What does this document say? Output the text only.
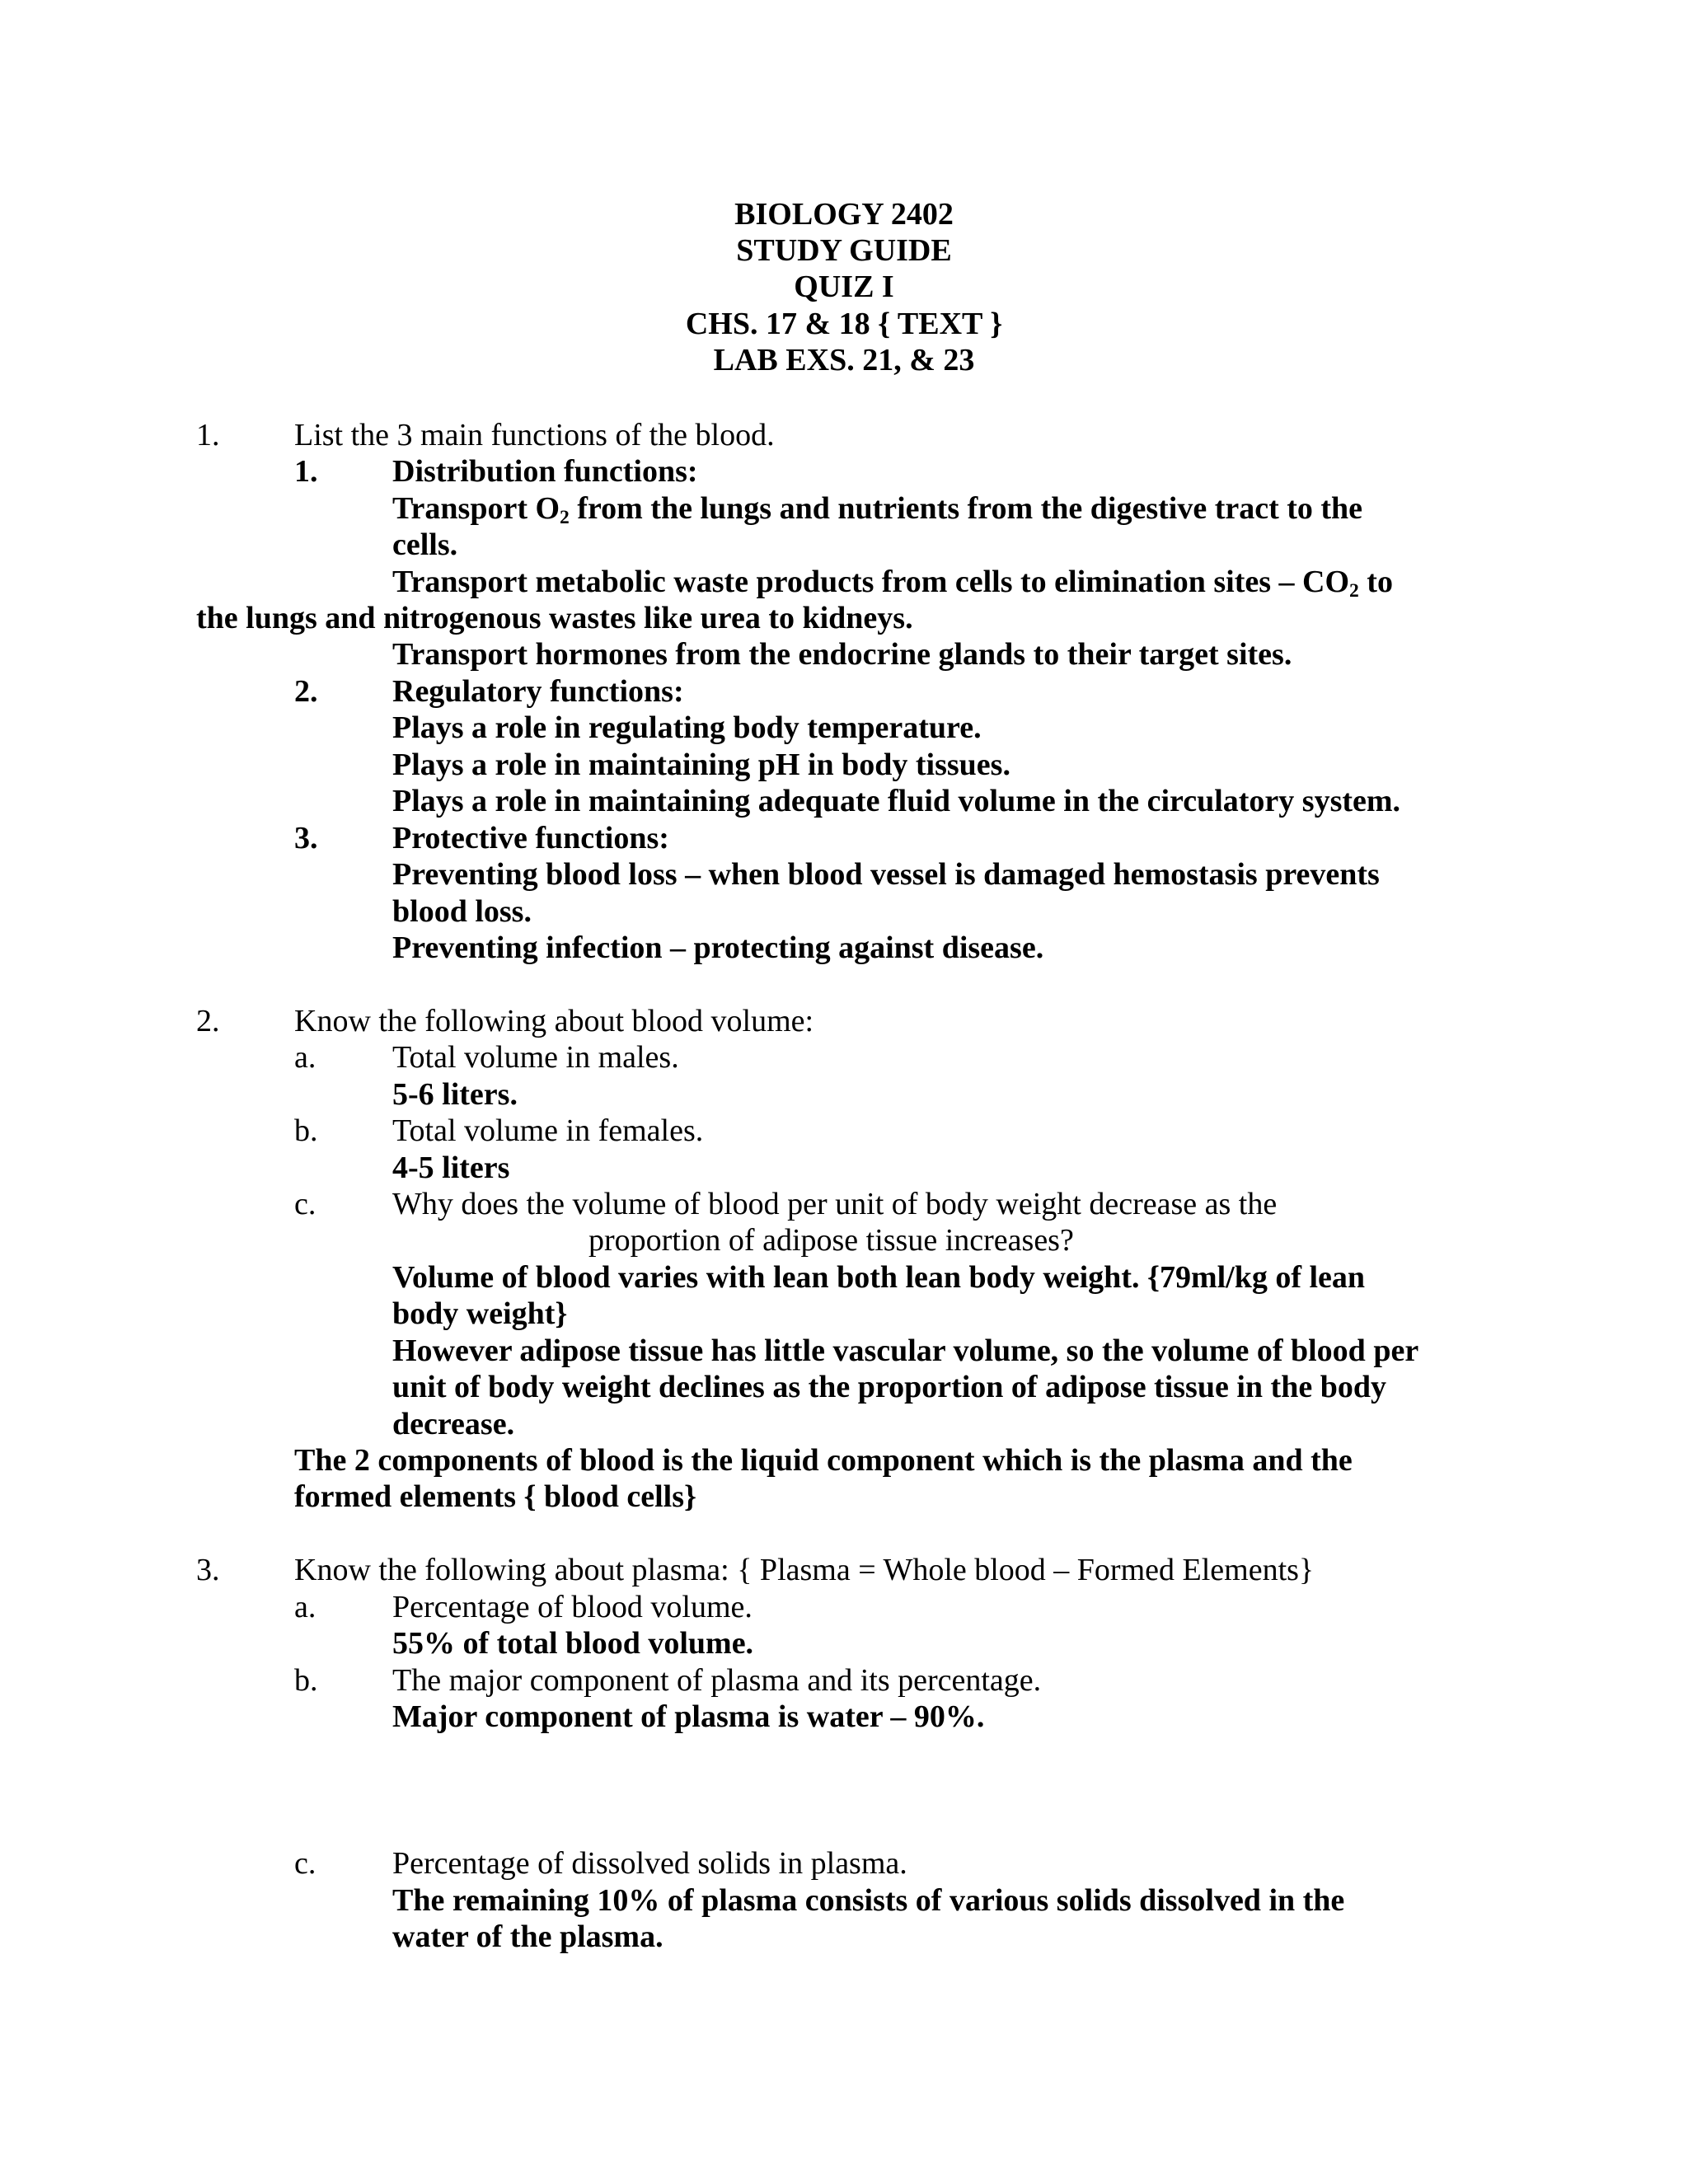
BIOLOGY 2402
STUDY GUIDE
QUIZ I
CHS. 17 & 18 { TEXT }
LAB EXS. 21, & 23
1. List the 3 main functions of the blood.
1. Distribution functions:
Transport $O_2$ from the lungs and nutrients from the digestive tract to the
cells.
Transport metabolic waste products from cells to elimination sites – $CO_2$ to
the lungs and nitrogenous wastes like urea to kidneys.
Transport hormones from the endocrine glands to their target sites.
2. Regulatory functions:
Plays a role in regulating body temperature.
Plays a role in maintaining pH in body tissues.
Plays a role in maintaining adequate fluid volume in the circulatory system.
3. Protective functions:
Preventing blood loss – when blood vessel is damaged hemostasis prevents
blood loss.
Preventing infection – protecting against disease.
2. Know the following about blood volume:
a. Total volume in males.
5-6 liters.
b. Total volume in females.
4-5 liters
c. Why does the volume of blood per unit of body weight decrease as the
proportion of adipose tissue increases?
Volume of blood varies with lean both lean body weight. {79ml/kg of lean
body weight}
However adipose tissue has little vascular volume, so the volume of blood per
unit of body weight declines as the proportion of adipose tissue in the body
decrease.
The 2 components of blood is the liquid component which is the plasma and the
formed elements { blood cells}
3. Know the following about plasma: { Plasma = Whole blood – Formed Elements}
a. Percentage of blood volume.
55% of total blood volume.
b. The major component of plasma and its percentage.
Major component of plasma is water – 90%.
c. Percentage of dissolved solids in plasma.
The remaining 10% of plasma consists of various solids dissolved in the
water of the plasma.
